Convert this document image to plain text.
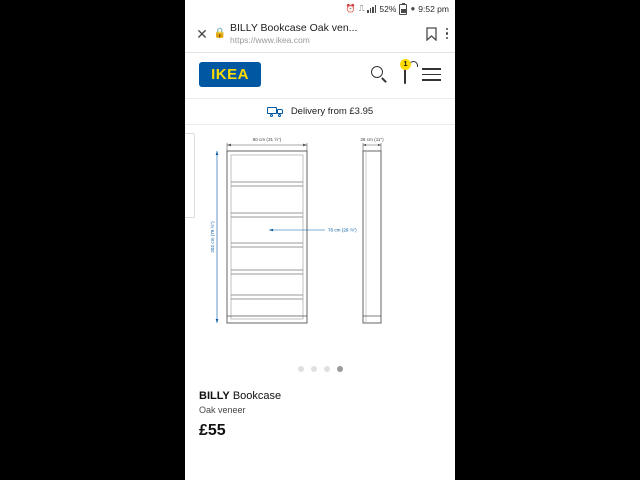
⏰ ⎍ 52% ● 9:52 pm
✕ 🔒 BILLY Bookcase Oak ven...
https://www.ikea.com
IKEA
1
Delivery from £3.95
80 cm (31 ½")
202 cm (79 ½")	76 cm (29 ⅞")
28 cm (11")
BILLY Bookcase
Oak veneer
£55
